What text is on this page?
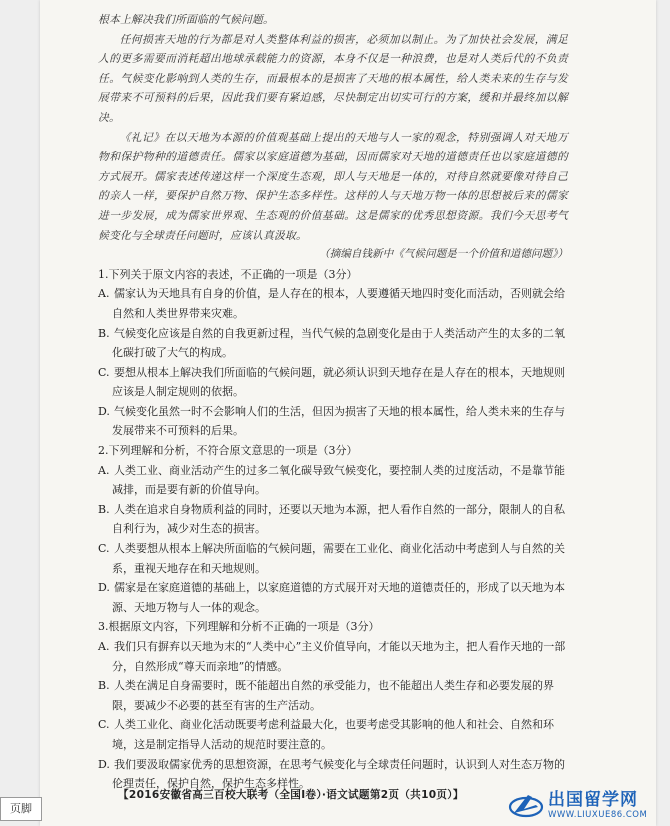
根本上解决我们所面临的气候问题。

任何损害天地的行为都是对人类整体利益的损害，必须加以制止。为了加快社会发展，满足人的更多需要而消耗超出地球承载能力的资源，本身不仅是一种浪费，也是对人类后代的不负责任。气候变化影响到人类的生存，而最根本的是损害了天地的根本属性，给人类未来的生存与发展带来不可预料的后果，因此我们要有紧迫感，尽快制定出切实可行的方案，缓和并最终加以解决。

《礼记》在以天地为本源的价值观基础上提出的天地与人一家的观念，特别强调人对天地万物和保护物种的道德责任。儒家以家庭道德为基础，因而儒家对天地的道德责任也以家庭道德的方式展开。儒家表述传递这样一个深度生态观，即人与天地是一体的，对待自然就要像对待自己的亲人一样，要保护自然万物、保护生态多样性。这样的人与天地万物一体的思想被后来的儒家进一步发展，成为儒家世界观、生态观的价值基础。这是儒家的优秀思想资源。我们今天思考气候变化与全球责任问题时，应该认真汲取。

（摘编自钱新中《气候问题是一个价值和道德问题》）

1.下列关于原文内容的表述，不正确的一项是（3分）

A. 儒家认为天地具有自身的价值，是人存在的根本，人要遵循天地四时变化而活动，否则就会给自然和人类世界带来灾难。

B. 气候变化应该是自然的自我更新过程，当代气候的急剧变化是由于人类活动产生的太多的二氧化碳打破了大气的构成。

C. 要想从根本上解决我们所面临的气候问题，就必须认识到天地存在是人存在的根本，天地规则应该是人制定规则的依据。

D. 气候变化虽然一时不会影响人们的生活，但因为损害了天地的根本属性，给人类未来的生存与发展带来不可预料的后果。

2.下列理解和分析，不符合原文意思的一项是（3分）

A. 人类工业、商业活动产生的过多二氧化碳导致气候变化，要控制人类的过度活动，不是靠节能减排，而是要有新的价值导向。

B. 人类在追求自身物质利益的同时，还要以天地为本源，把人看作自然的一部分，限制人的自私自利行为，减少对生态的损害。

C. 人类要想从根本上解决所面临的气候问题，需要在工业化、商业化活动中考虑到人与自然的关系，重视天地存在和天地规则。

D. 儒家是在家庭道德的基础上，以家庭道德的方式展开对天地的道德责任的，形成了以天地为本源、天地万物与人一体的观念。

3.根据原文内容，下列理解和分析不正确的一项是（3分）

A. 我们只有摒弃以天地为末的“人类中心”主义价值导向，才能以天地为主，把人看作天地的一部分，自然形成“尊天而亲地”的情感。

B. 人类在满足自身需要时，既不能超出自然的承受能力，也不能超出人类生存和必要发展的界限，要减少不必要的甚至有害的生产活动。

C. 人类工业化、商业化活动既要考虑利益最大化，也要考虑受其影响的他人和社会、自然和环境，这是制定指导人活动的规范时要注意的。

D. 我们要汲取儒家优秀的思想资源，在思考气候变化与全球责任问题时，认识到人对生态万物的伦理责任，保护自然，保护生态多样性。

【2016安徽省高三百校大联考（全国Ⅰ卷）·语文试题第2页（共10页）】
页脚	出国留学网
WWW.LIUXUE86.COM
